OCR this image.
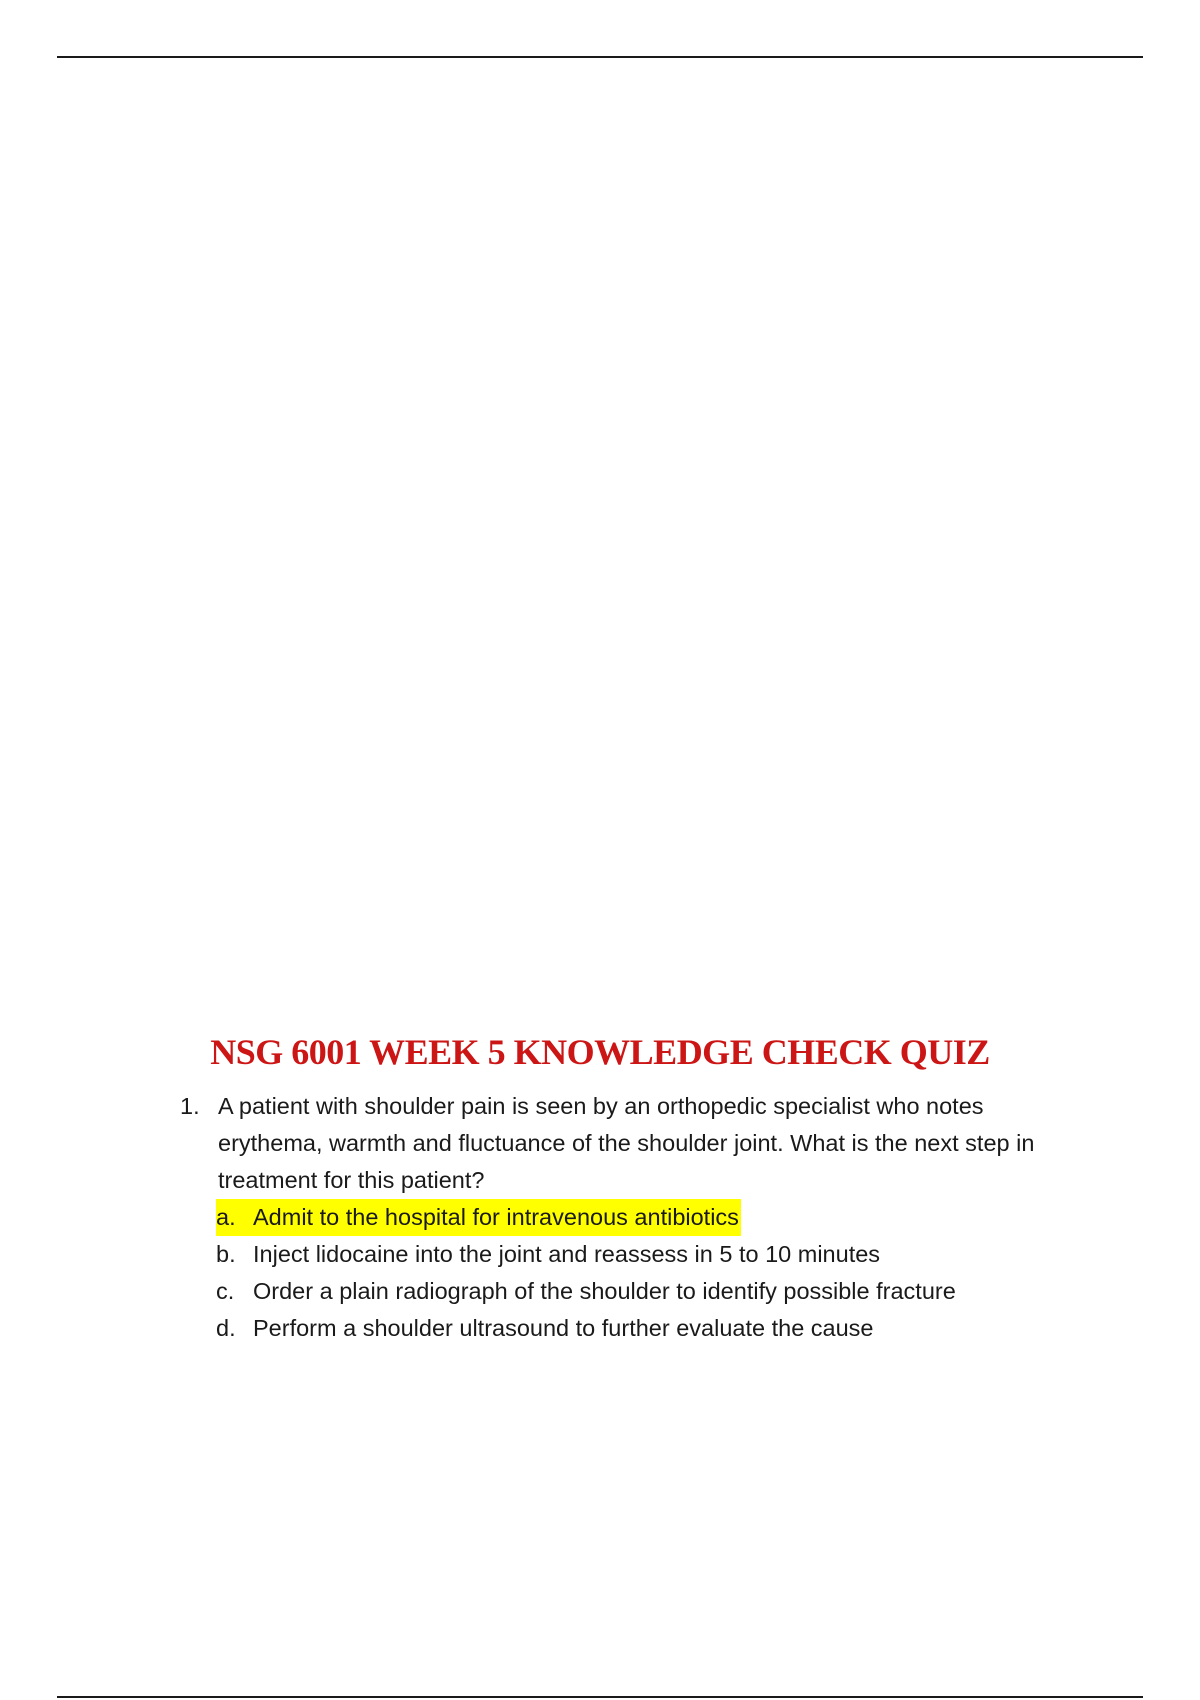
NSG 6001 WEEK 5 KNOWLEDGE CHECK QUIZ
1. A patient with shoulder pain is seen by an orthopedic specialist who notes erythema, warmth and fluctuance of the shoulder joint. What is the next step in treatment for this patient?
a. Admit to the hospital for intravenous antibiotics
b. Inject lidocaine into the joint and reassess in 5 to 10 minutes
c. Order a plain radiograph of the shoulder to identify possible fracture
d. Perform a shoulder ultrasound to further evaluate the cause
